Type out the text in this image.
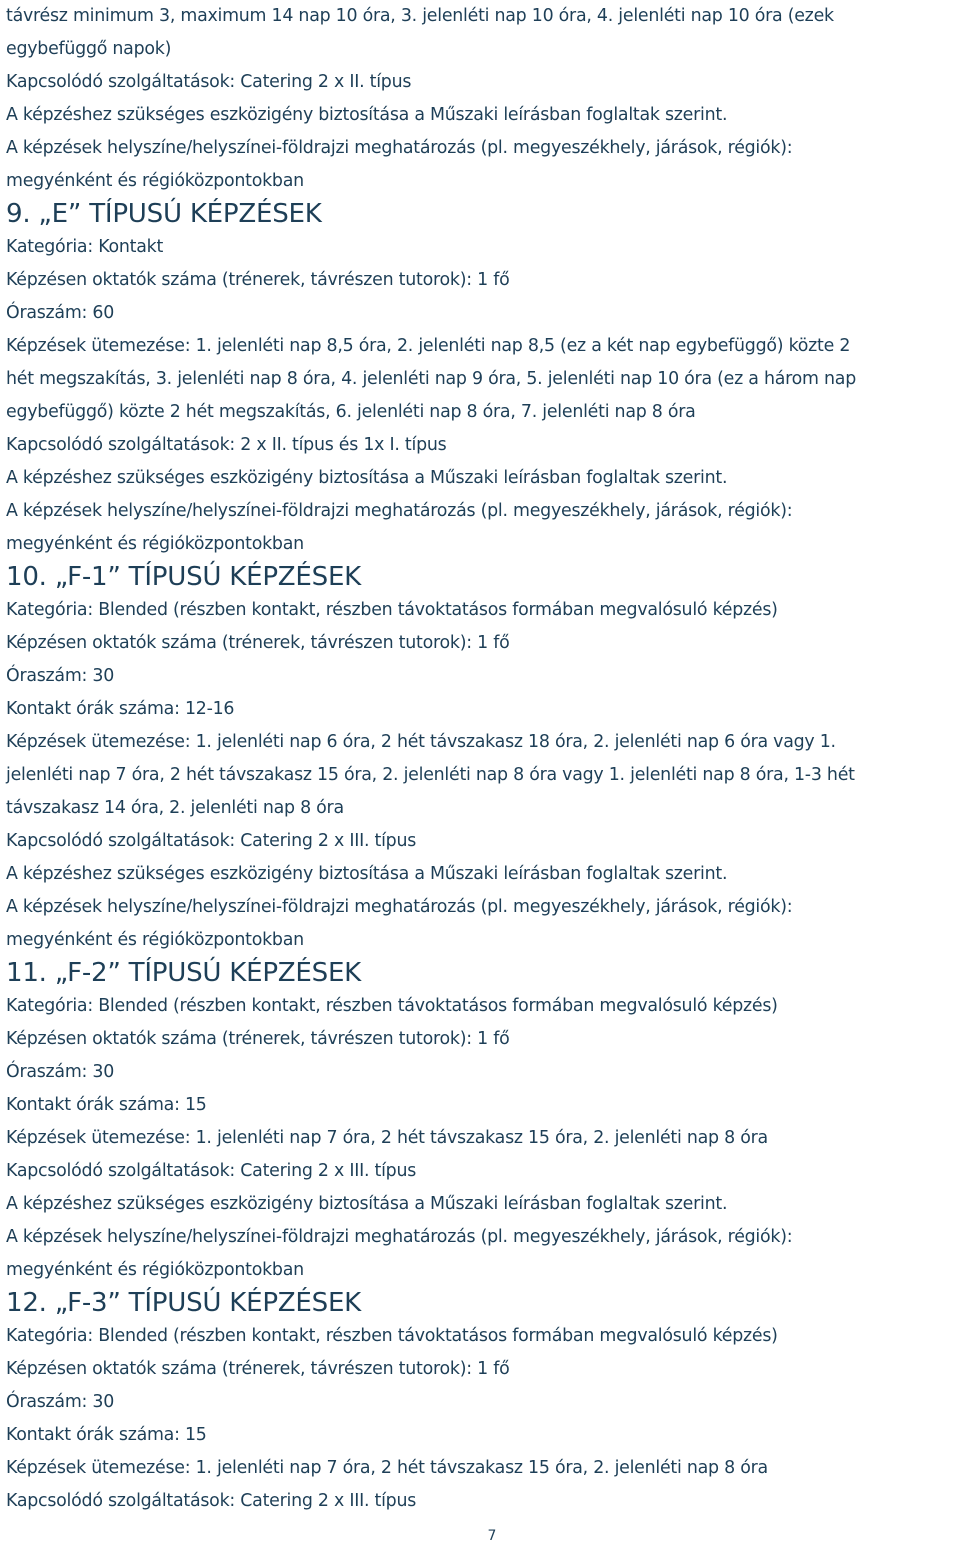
távrész minimum 3, maximum 14 nap 10 óra, 3. jelenléti nap 10 óra, 4. jelenléti nap 10 óra (ezek

egybefüggő napok)

Kapcsolódó szolgáltatások: Catering 2 x II. típus

A képzéshez szükséges eszközigény biztosítása a Műszaki leírásban foglaltak szerint.

A képzések helyszíne/helyszínei-földrajzi meghatározás (pl. megyeszékhely, járások, régiók):

megyénként és régióközpontokban

9. „E” TÍPUSÚ KÉPZÉSEK

Kategória: Kontakt

Képzésen oktatók száma (trénerek, távrészen tutorok): 1 fő

Óraszám: 60

Képzések ütemezése: 1. jelenléti nap 8,5 óra, 2. jelenléti nap 8,5 (ez a két nap egybefüggő) közte 2

hét megszakítás, 3. jelenléti nap 8 óra, 4. jelenléti nap 9 óra, 5. jelenléti nap 10 óra (ez a három nap

egybefüggő) közte 2 hét megszakítás, 6. jelenléti nap 8 óra, 7. jelenléti nap 8 óra

Kapcsolódó szolgáltatások: 2 x II. típus és 1x I. típus

A képzéshez szükséges eszközigény biztosítása a Műszaki leírásban foglaltak szerint.

A képzések helyszíne/helyszínei-földrajzi meghatározás (pl. megyeszékhely, járások, régiók):

megyénként és régióközpontokban

10. „F-1” TÍPUSÚ KÉPZÉSEK

Kategória: Blended (részben kontakt, részben távoktatásos formában megvalósuló képzés)

Képzésen oktatók száma (trénerek, távrészen tutorok): 1 fő

Óraszám: 30

Kontakt órák száma: 12-16

Képzések ütemezése: 1. jelenléti nap 6 óra, 2 hét távszakasz 18 óra, 2. jelenléti nap 6 óra vagy 1.

jelenléti nap 7 óra, 2 hét távszakasz 15 óra, 2. jelenléti nap 8 óra vagy 1. jelenléti nap 8 óra, 1-3 hét

távszakasz 14 óra, 2. jelenléti nap 8 óra

Kapcsolódó szolgáltatások: Catering 2 x III. típus

A képzéshez szükséges eszközigény biztosítása a Műszaki leírásban foglaltak szerint.

A képzések helyszíne/helyszínei-földrajzi meghatározás (pl. megyeszékhely, járások, régiók):

megyénként és régióközpontokban

11. „F-2” TÍPUSÚ KÉPZÉSEK

Kategória: Blended (részben kontakt, részben távoktatásos formában megvalósuló képzés)

Képzésen oktatók száma (trénerek, távrészen tutorok): 1 fő

Óraszám: 30

Kontakt órák száma: 15

Képzések ütemezése: 1. jelenléti nap 7 óra, 2 hét távszakasz 15 óra, 2. jelenléti nap 8 óra

Kapcsolódó szolgáltatások: Catering 2 x III. típus

A képzéshez szükséges eszközigény biztosítása a Műszaki leírásban foglaltak szerint.

A képzések helyszíne/helyszínei-földrajzi meghatározás (pl. megyeszékhely, járások, régiók):

megyénként és régióközpontokban

12. „F-3” TÍPUSÚ KÉPZÉSEK

Kategória: Blended (részben kontakt, részben távoktatásos formában megvalósuló képzés)

Képzésen oktatók száma (trénerek, távrészen tutorok): 1 fő

Óraszám: 30

Kontakt órák száma: 15

Képzések ütemezése: 1. jelenléti nap 7 óra, 2 hét távszakasz 15 óra, 2. jelenléti nap 8 óra

Kapcsolódó szolgáltatások: Catering 2 x III. típus

7
